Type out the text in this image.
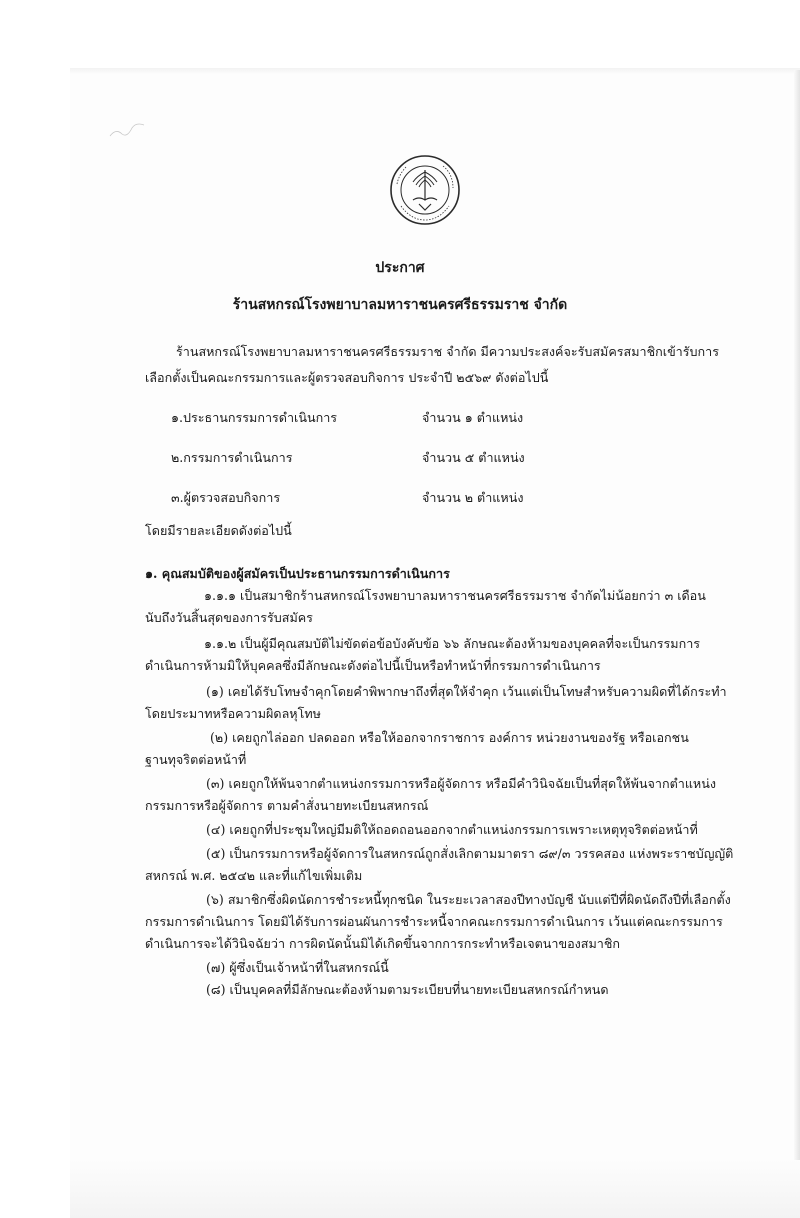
ประกาศ
ร้านสหกรณ์โรงพยาบาลมหาราชนครศรีธรรมราช จำกัด
ร้านสหกรณ์โรงพยาบาลมหาราชนครศรีธรรมราช จำกัด มีความประสงค์จะรับสมัครสมาชิกเข้ารับการ
เลือกตั้งเป็นคณะกรรมการและผู้ตรวจสอบกิจการ ประจำปี ๒๕๖๙ ดังต่อไปนี้
๑.ประธานกรรมการดำเนินการ	จำนวน ๑ ตำแหน่ง
๒.กรรมการดำเนินการ	จำนวน ๕ ตำแหน่ง
๓.ผู้ตรวจสอบกิจการ	จำนวน ๒ ตำแหน่ง
โดยมีรายละเอียดดังต่อไปนี้
๑. คุณสมบัติของผู้สมัครเป็นประธานกรรมการดำเนินการ
๑.๑.๑ เป็นสมาชิกร้านสหกรณ์โรงพยาบาลมหาราชนครศรีธรรมราช จำกัดไม่น้อยกว่า ๓ เดือน
นับถึงวันสิ้นสุดของการรับสมัคร
๑.๑.๒ เป็นผู้มีคุณสมบัติไม่ขัดต่อข้อบังคับข้อ ๖๖ ลักษณะต้องห้ามของบุคคลที่จะเป็นกรรมการ
ดำเนินการห้ามมิให้บุคคลซึ่งมีลักษณะดังต่อไปนี้เป็นหรือทำหน้าที่กรรมการดำเนินการ
(๑) เคยได้รับโทษจำคุกโดยคำพิพากษาถึงที่สุดให้จำคุก เว้นแต่เป็นโทษสำหรับความผิดที่ได้กระทำ
โดยประมาทหรือความผิดลหุโทษ
(๒) เคยถูกไล่ออก ปลดออก หรือให้ออกจากราชการ องค์การ หน่วยงานของรัฐ หรือเอกชน
ฐานทุจริตต่อหน้าที่
(๓) เคยถูกให้พ้นจากตำแหน่งกรรมการหรือผู้จัดการ หรือมีคำวินิจฉัยเป็นที่สุดให้พ้นจากตำแหน่ง
กรรมการหรือผู้จัดการ ตามคำสั่งนายทะเบียนสหกรณ์
(๔) เคยถูกที่ประชุมใหญ่มีมติให้ถอดถอนออกจากตำแหน่งกรรมการเพราะเหตุทุจริตต่อหน้าที่
(๕) เป็นกรรมการหรือผู้จัดการในสหกรณ์ถูกสั่งเลิกตามมาตรา ๘๙/๓ วรรคสอง แห่งพระราชบัญญัติ
สหกรณ์ พ.ศ. ๒๕๔๒ และที่แก้ไขเพิ่มเติม
(๖) สมาชิกซึ่งผิดนัดการชำระหนี้ทุกชนิด ในระยะเวลาสองปีทางบัญชี นับแต่ปีที่ผิดนัดถึงปีที่เลือกตั้ง
กรรมการดำเนินการ โดยมิได้รับการผ่อนผันการชำระหนี้จากคณะกรรมการดำเนินการ เว้นแต่คณะกรรมการ
ดำเนินการจะได้วินิจฉัยว่า การผิดนัดนั้นมิได้เกิดขึ้นจากการกระทำหรือเจตนาของสมาชิก
(๗) ผู้ซึ่งเป็นเจ้าหน้าที่ในสหกรณ์นี้
(๘) เป็นบุคคลที่มีลักษณะต้องห้ามตามระเบียบที่นายทะเบียนสหกรณ์กำหนด
